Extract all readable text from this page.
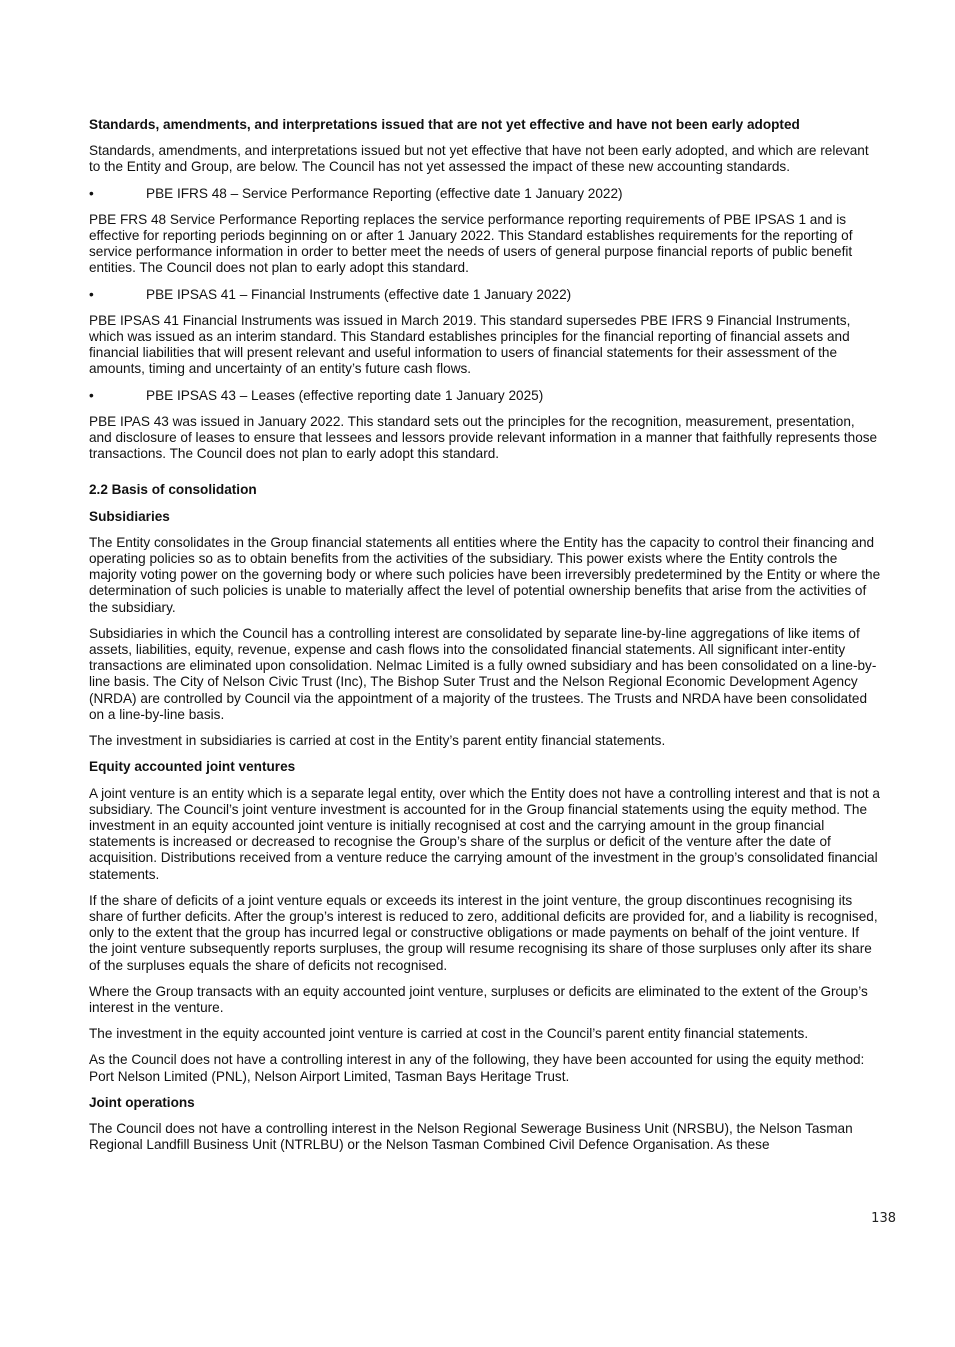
Standards, amendments, and interpretations issued that are not yet effective and have not been early adopted
Standards, amendments, and interpretations issued but not yet effective that have not been early adopted, and which are relevant to the Entity and Group, are below. The Council has not yet assessed the impact of these new accounting standards.
•	PBE IFRS 48 – Service Performance Reporting (effective date 1 January 2022)
PBE FRS 48 Service Performance Reporting replaces the service performance reporting requirements of PBE IPSAS 1 and is effective for reporting periods beginning on or after 1 January 2022. This Standard establishes requirements for the reporting of service performance information in order to better meet the needs of users of general purpose financial reports of public benefit entities. The Council does not plan to early adopt this standard.
•	PBE IPSAS 41 – Financial Instruments (effective date 1 January 2022)
PBE IPSAS 41 Financial Instruments was issued in March 2019. This standard supersedes PBE IFRS 9 Financial Instruments, which was issued as an interim standard. This Standard establishes principles for the financial reporting of financial assets and financial liabilities that will present relevant and useful information to users of financial statements for their assessment of the amounts, timing and uncertainty of an entity’s future cash flows.
•	PBE IPSAS 43 – Leases (effective reporting date 1 January 2025)
PBE IPAS 43 was issued in January 2022. This standard sets out the principles for the recognition, measurement, presentation, and disclosure of leases to ensure that lessees and lessors provide relevant information in a manner that faithfully represents those transactions. The Council does not plan to early adopt this standard.
2.2 Basis of consolidation
Subsidiaries
The Entity consolidates in the Group financial statements all entities where the Entity has the capacity to control their financing and operating policies so as to obtain benefits from the activities of the subsidiary. This power exists where the Entity controls the majority voting power on the governing body or where such policies have been irreversibly predetermined by the Entity or where the determination of such policies is unable to materially affect the level of potential ownership benefits that arise from the activities of the subsidiary.
Subsidiaries in which the Council has a controlling interest are consolidated by separate line-by-line aggregations of like items of assets, liabilities, equity, revenue, expense and cash flows into the consolidated financial statements. All significant inter-entity transactions are eliminated upon consolidation. Nelmac Limited is a fully owned subsidiary and has been consolidated on a line-by-line basis. The City of Nelson Civic Trust (Inc), The Bishop Suter Trust and the Nelson Regional Economic Development Agency (NRDA) are controlled by Council via the appointment of a majority of the trustees. The Trusts and NRDA have been consolidated on a line-by-line basis.
The investment in subsidiaries is carried at cost in the Entity’s parent entity financial statements.
Equity accounted joint ventures
A joint venture is an entity which is a separate legal entity, over which the Entity does not have a controlling interest and that is not a subsidiary. The Council’s joint venture investment is accounted for in the Group financial statements using the equity method. The investment in an equity accounted joint venture is initially recognised at cost and the carrying amount in the group financial statements is increased or decreased to recognise the Group’s share of the surplus or deficit of the venture after the date of acquisition. Distributions received from a venture reduce the carrying amount of the investment in the group’s consolidated financial statements.
If the share of deficits of a joint venture equals or exceeds its interest in the joint venture, the group discontinues recognising its share of further deficits. After the group’s interest is reduced to zero, additional deficits are provided for, and a liability is recognised, only to the extent that the group has incurred legal or constructive obligations or made payments on behalf of the joint venture. If the joint venture subsequently reports surpluses, the group will resume recognising its share of those surpluses only after its share of the surpluses equals the share of deficits not recognised.
Where the Group transacts with an equity accounted joint venture, surpluses or deficits are eliminated to the extent of the Group’s interest in the venture.
The investment in the equity accounted joint venture is carried at cost in the Council’s parent entity financial statements.
As the Council does not have a controlling interest in any of the following, they have been accounted for using the equity method: Port Nelson Limited (PNL), Nelson Airport Limited, Tasman Bays Heritage Trust.
Joint operations
The Council does not have a controlling interest in the Nelson Regional Sewerage Business Unit (NRSBU), the Nelson Tasman Regional Landfill Business Unit (NTRLBU) or the Nelson Tasman Combined Civil Defence Organisation. As these
138
